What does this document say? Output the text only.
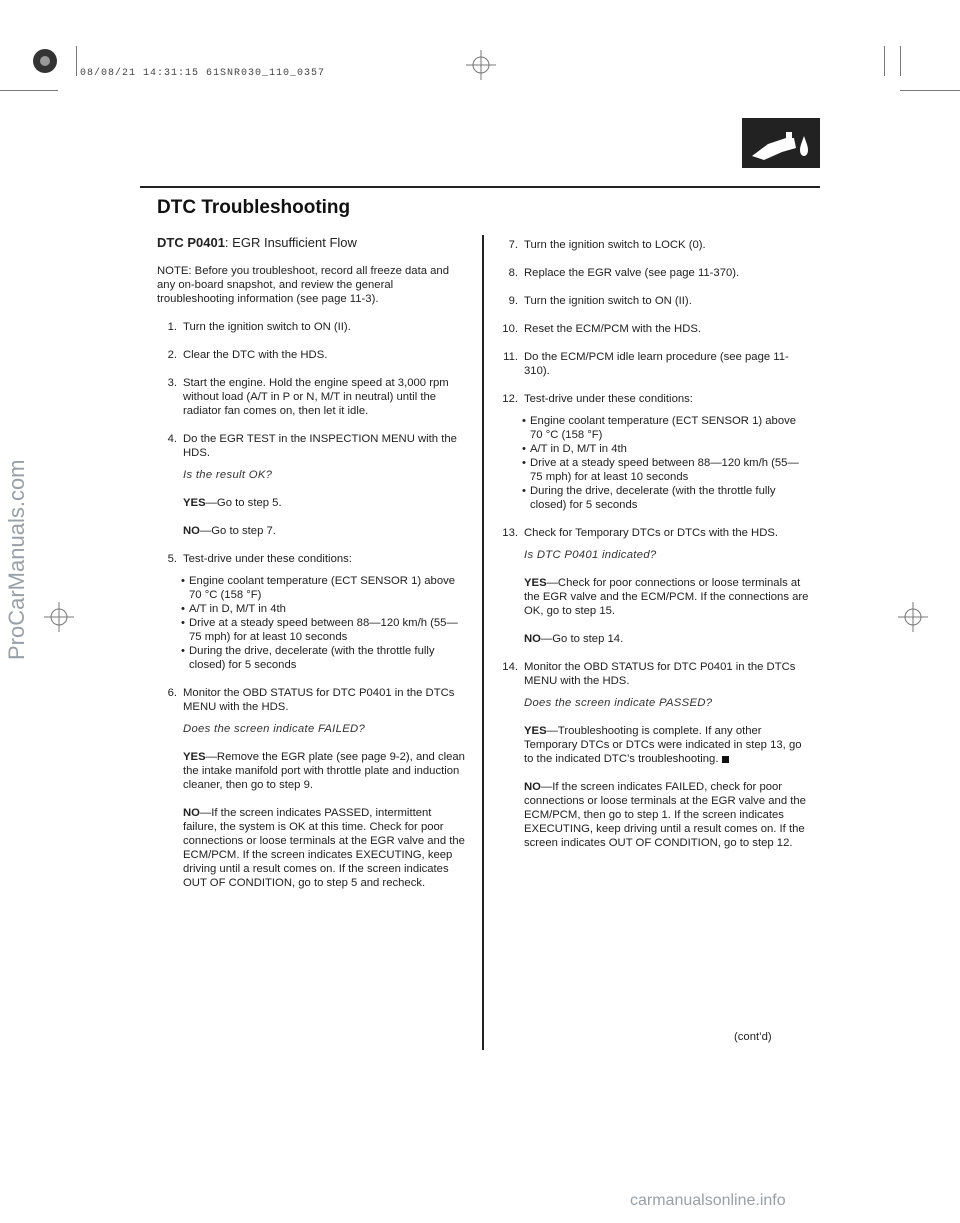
08/08/21 14:31:15 61SNR030_110_0357
ProCarManuals.com
carmanualsonline.info
DTC Troubleshooting
DTC P0401: EGR Insufficient Flow

NOTE: Before you troubleshoot, record all freeze data and any on-board snapshot, and review the general troubleshooting information (see page 11-3).

1. Turn the ignition switch to ON (II).
2. Clear the DTC with the HDS.
3. Start the engine. Hold the engine speed at 3,000 rpm without load (A/T in P or N, M/T in neutral) until the radiator fan comes on, then let it idle.
4. Do the EGR TEST in the INSPECTION MENU with the HDS.
Is the result OK?
YES—Go to step 5.
NO—Go to step 7.
5. Test-drive under these conditions:
• Engine coolant temperature (ECT SENSOR 1) above 70 °C (158 °F)
• A/T in D, M/T in 4th
• Drive at a steady speed between 88—120 km/h (55—75 mph) for at least 10 seconds
• During the drive, decelerate (with the throttle fully closed) for 5 seconds
6. Monitor the OBD STATUS for DTC P0401 in the DTCs MENU with the HDS.
Does the screen indicate FAILED?
YES—Remove the EGR plate (see page 9-2), and clean the intake manifold port with throttle plate and induction cleaner, then go to step 9.
NO—If the screen indicates PASSED, intermittent failure, the system is OK at this time. Check for poor connections or loose terminals at the EGR valve and the ECM/PCM. If the screen indicates EXECUTING, keep driving until a result comes on. If the screen indicates OUT OF CONDITION, go to step 5 and recheck.
7. Turn the ignition switch to LOCK (0).
8. Replace the EGR valve (see page 11-370).
9. Turn the ignition switch to ON (II).
10. Reset the ECM/PCM with the HDS.
11. Do the ECM/PCM idle learn procedure (see page 11-310).
12. Test-drive under these conditions:
• Engine coolant temperature (ECT SENSOR 1) above 70 °C (158 °F)
• A/T in D, M/T in 4th
• Drive at a steady speed between 88—120 km/h (55—75 mph) for at least 10 seconds
• During the drive, decelerate (with the throttle fully closed) for 5 seconds
13. Check for Temporary DTCs or DTCs with the HDS.
Is DTC P0401 indicated?
YES—Check for poor connections or loose terminals at the EGR valve and the ECM/PCM. If the connections are OK, go to step 15.
NO—Go to step 14.
14. Monitor the OBD STATUS for DTC P0401 in the DTCs MENU with the HDS.
Does the screen indicate PASSED?
YES—Troubleshooting is complete. If any other Temporary DTCs or DTCs were indicated in step 13, go to the indicated DTC’s troubleshooting.
NO—If the screen indicates FAILED, check for poor connections or loose terminals at the EGR valve and the ECM/PCM, then go to step 1. If the screen indicates EXECUTING, keep driving until a result comes on. If the screen indicates OUT OF CONDITION, go to step 12.
(cont’d)
